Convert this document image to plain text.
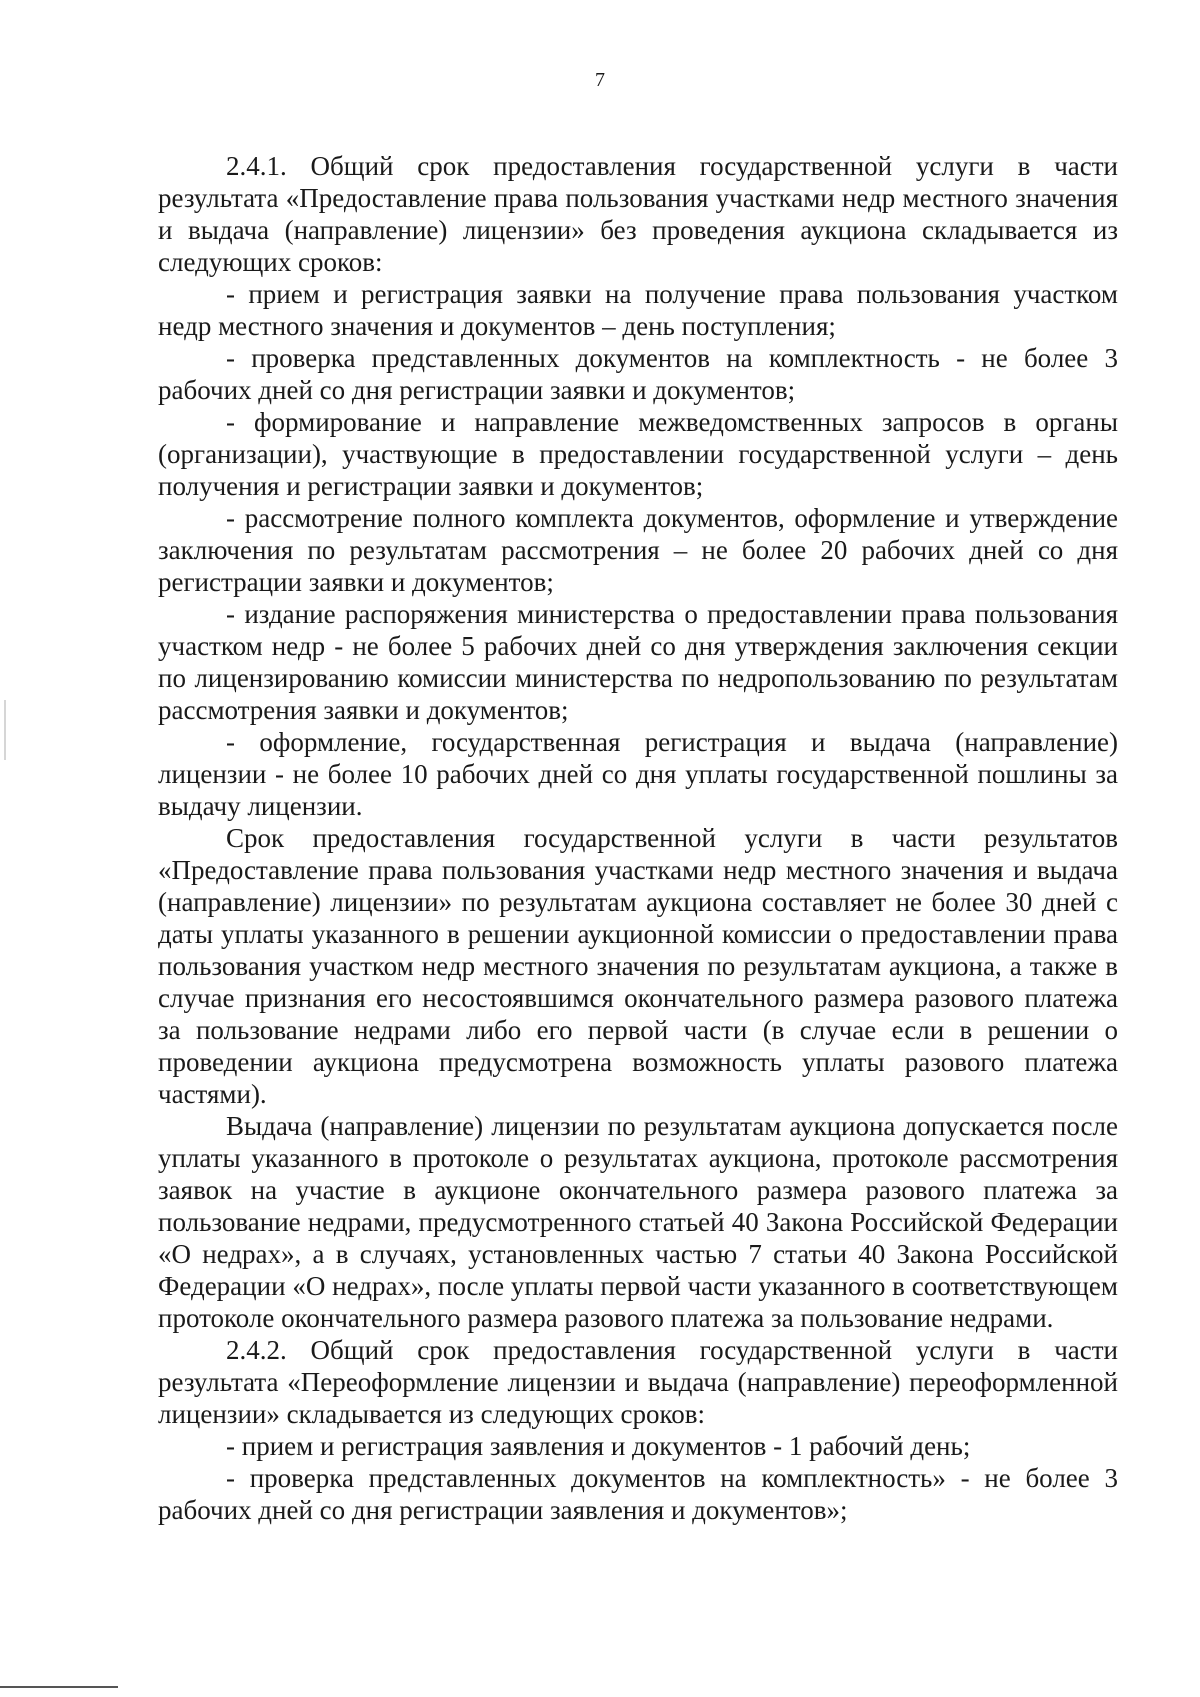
7

2.4.1. Общий срок предоставления государственной услуги в части результата «Предоставление права пользования участками недр местного значения и выдача (направление) лицензии» без проведения аукциона складывается из следующих сроков:

- прием и регистрация заявки на получение права пользования участком недр местного значения и документов – день поступления;

- проверка представленных документов на комплектность - не более 3 рабочих дней со дня регистрации заявки и документов;

- формирование и направление межведомственных запросов в органы (организации), участвующие в предоставлении государственной услуги – день получения и регистрации заявки и документов;

- рассмотрение полного комплекта документов, оформление и утверждение заключения по результатам рассмотрения – не более 20 рабочих дней со дня регистрации заявки и документов;

- издание распоряжения министерства о предоставлении права пользования участком недр - не более 5 рабочих дней со дня утверждения заключения секции по лицензированию комиссии министерства по недропользованию по результатам рассмотрения заявки и документов;

- оформление, государственная регистрация и выдача (направление) лицензии - не более 10 рабочих дней со дня уплаты государственной пошлины за выдачу лицензии.

Срок предоставления государственной услуги в части результатов «Предоставление права пользования участками недр местного значения и выдача (направление) лицензии» по результатам аукциона составляет не более 30 дней с даты уплаты указанного в решении аукционной комиссии о предоставлении права пользования участком недр местного значения по результатам аукциона, а также в случае признания его несостоявшимся окончательного размера разового платежа за пользование недрами либо его первой части (в случае если в решении о проведении аукциона предусмотрена возможность уплаты разового платежа частями).

Выдача (направление) лицензии по результатам аукциона допускается после уплаты указанного в протоколе о результатах аукциона, протоколе рассмотрения заявок на участие в аукционе окончательного размера разового платежа за пользование недрами, предусмотренного статьей 40 Закона Российской Федерации «О недрах», а в случаях, установленных частью 7 статьи 40 Закона Российской Федерации «О недрах», после уплаты первой части указанного в соответствующем протоколе окончательного размера разового платежа за пользование недрами.

2.4.2. Общий срок предоставления государственной услуги в части результата «Переоформление лицензии и выдача (направление) переоформленной лицензии» складывается из следующих сроков:

- прием и регистрация заявления и документов - 1 рабочий день;

- проверка представленных документов на комплектность» - не более 3 рабочих дней со дня регистрации заявления и документов»;
